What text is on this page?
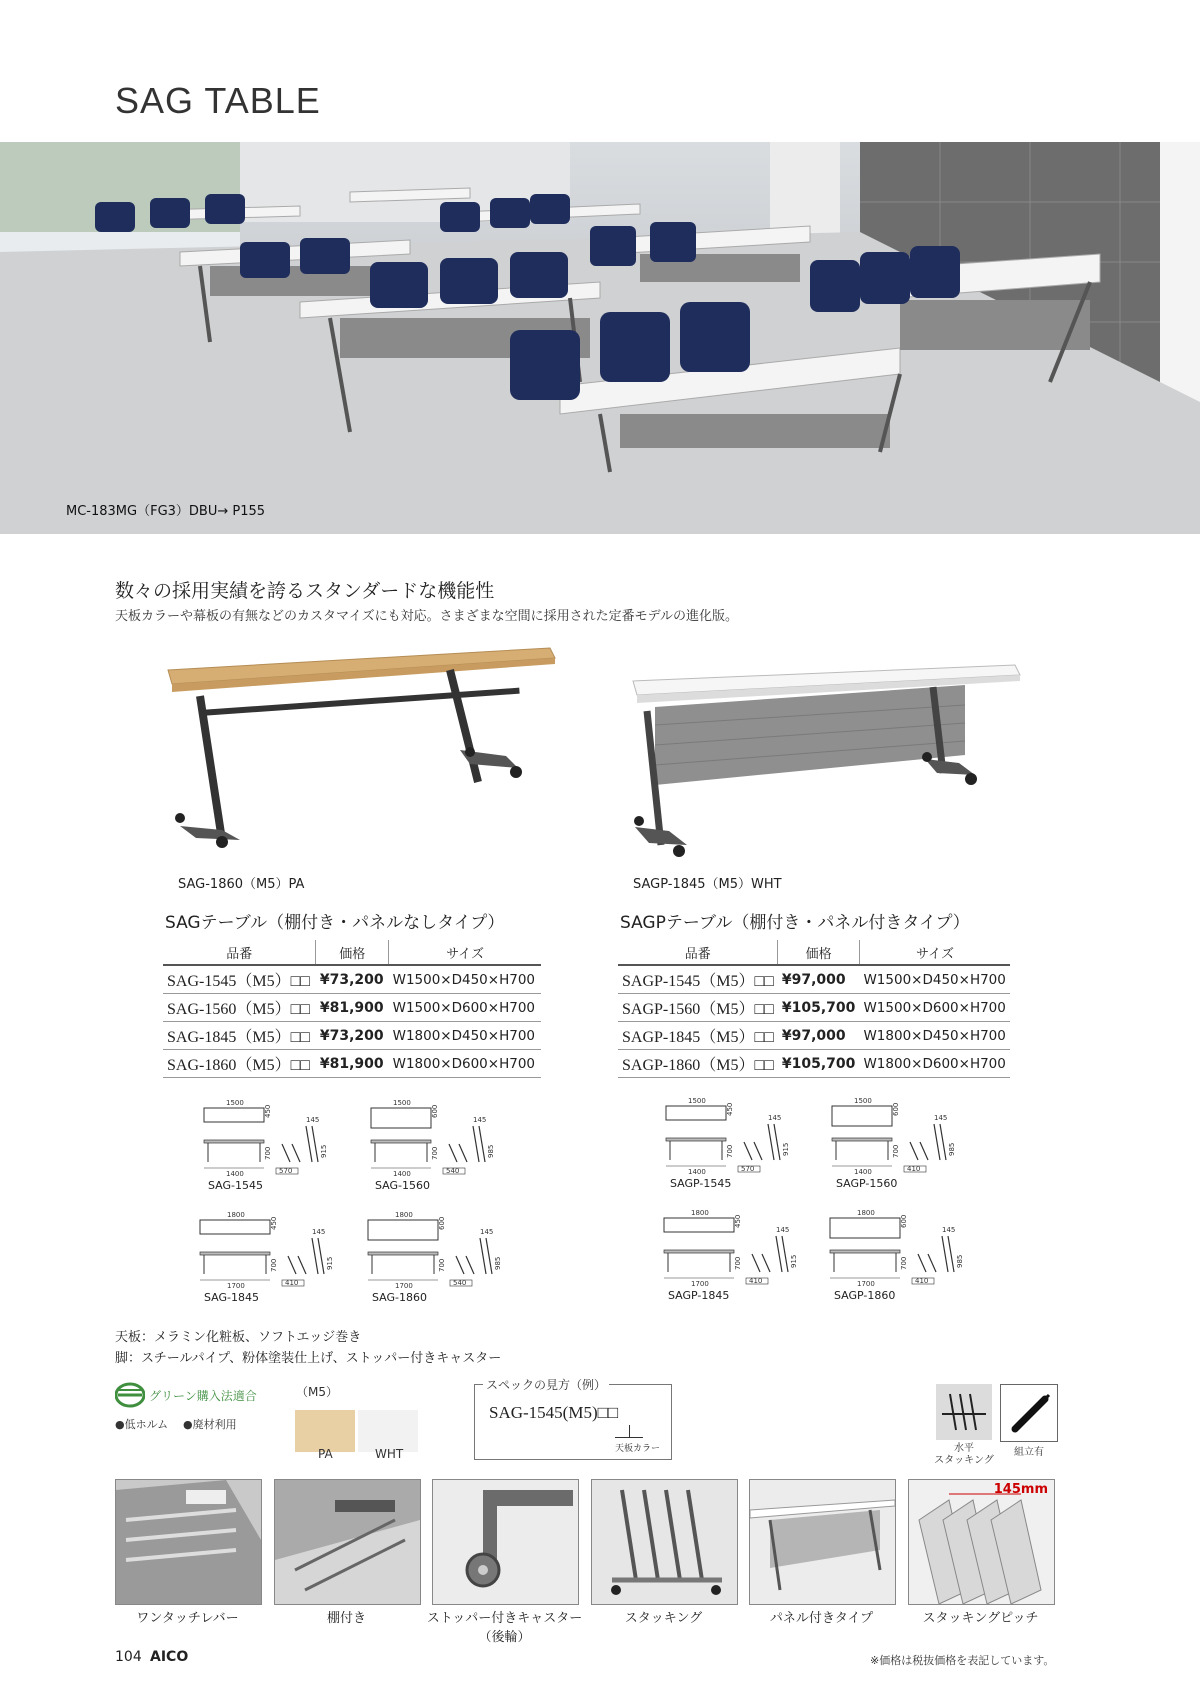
SAG TABLE
MC-183MG（FG3）DBU→ P155
数々の採用実績を誇るスタンダードな機能性
天板カラーや幕板の有無などのカスタマイズにも対応。さまざまな空間に採用された定番モデルの進化版。
SAG-1860（M5）PA	SAGP-1845（M5）WHT
SAGテーブル（棚付き・パネルなしタイプ）
品番	価格	サイズ
SAG-1545（M5）□□	¥73,200	W1500×D450×H700
SAG-1560（M5）□□	¥81,900	W1500×D600×H700
SAG-1845（M5）□□	¥73,200	W1800×D450×H700
SAG-1860（M5）□□	¥81,900	W1800×D600×H700
SAGPテーブル（棚付き・パネル付きタイプ）
品番	価格	サイズ
SAGP-1545（M5）□□	¥97,000	W1500×D450×H700
SAGP-1560（M5）□□	¥105,700	W1500×D600×H700
SAGP-1845（M5）□□	¥97,000	W1800×D450×H700
SAGP-1860（M5）□□	¥105,700	W1800×D600×H700
1500
450
1400
700
570
145
915
SAG-1545
1500
600
1400
700
540
145
985
SAG-1560
1800
450
1700
700
410
145
915
SAG-1845
1800
600
1700
700
540
145
985
SAG-1860
1500
450
1400
700
570
145
915
SAGP-1545
1500
600
1400
700
410
145
985
SAGP-1560
1800
450
1700
700
410
145
915
SAGP-1845
1800
600
1700
700
410
145
985
SAGP-1860
天板：メラミン化粧板、ソフトエッジ巻き
脚：スチールパイプ、粉体塗装仕上げ、ストッパー付きキャスター
グリーン購入法適合
●低ホルム ●廃材利用
（M5）
PA	WHT
スペックの見方（例）
SAG-1545(M5)□□
天板カラー	水平
スタッキング
組立有
ワンタッチレバー	棚付き	ストッパー付きキャスター（後輪）
スタッキング	パネル付きタイプ
145mm
スタッキングピッチ
104 AICO	※価格は税抜価格を表記しています。
